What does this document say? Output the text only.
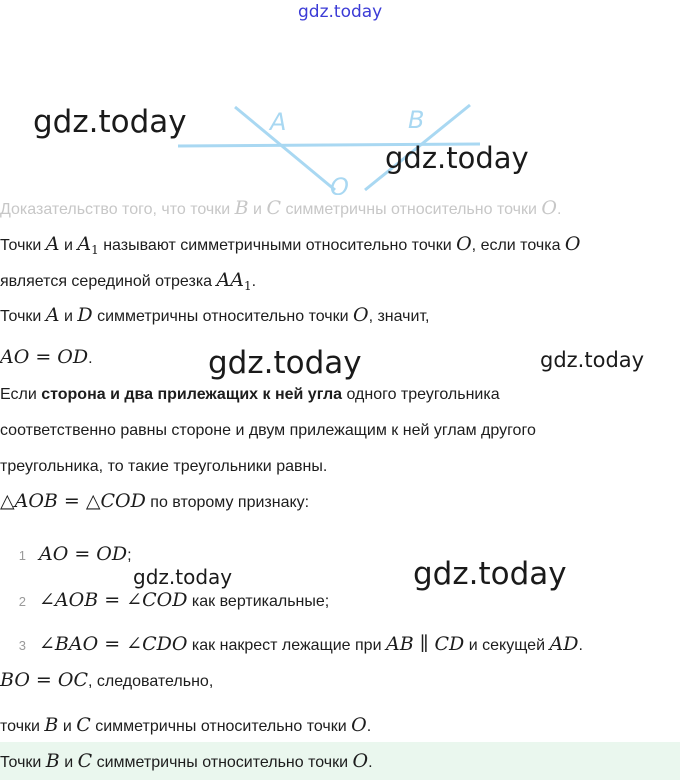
gdz.today
A	B
O
gdz.today
gdz.today
Доказательство того, что точки B и C симметричны относительно точки O.
Точки A и $A_1$ называют симметричными относительно точки O, если точка O
является серединой отрезка $AA_1$.
Точки A и D симметричны относительно точки O, значит,
AO = OD.	gdz.today	gdz.today
Если сторона и два прилежащих к ней угла одного треугольника
соответственно равны стороне и двум прилежащим к ней углам другого
треугольника, то такие треугольники равны.
△AOB = △COD по второму признаку:
1 AO = OD;
2 ∠AOB = ∠COD как вертикальные;
3 ∠BAO = ∠CDO как накрест лежащие при AB ∥ CD и секущей AD.
gdz.today	gdz.today
BO = OC, следовательно,
точки B и C симметричны относительно точки O.
Точки B и C симметричны относительно точки O.
